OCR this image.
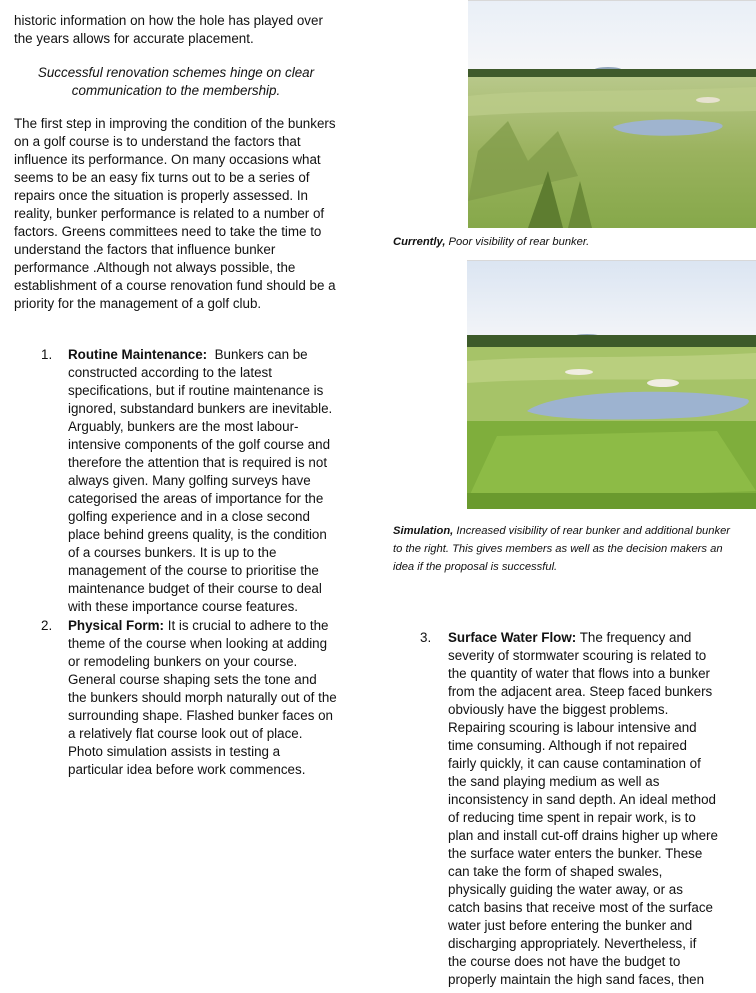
historic information on how the hole has played over the years allows for accurate placement.

Successful renovation schemes hinge on clear communication to the membership.

The first step in improving the condition of the bunkers on a golf course is to understand the factors that influence its performance. On many occasions what seems to be an easy fix turns out to be a series of repairs once the situation is properly assessed. In reality, bunker performance is related to a number of factors. Greens committees need to take the time to understand the factors that influence bunker performance .Although not always possible, the establishment of a course renovation fund should be a priority for the management of a golf club.

1. Routine Maintenance: Bunkers can be constructed according to the latest specifications, but if routine maintenance is ignored, substandard bunkers are inevitable. Arguably, bunkers are the most labour-intensive components of the golf course and therefore the attention that is required is not always given. Many golfing surveys have categorised the areas of importance for the golfing experience and in a close second place behind greens quality, is the condition of a courses bunkers. It is up to the management of the course to prioritise the maintenance budget of their course to deal with these importance course features.

2. Physical Form: It is crucial to adhere to the theme of the course when looking at adding or remodeling bunkers on your course. General course shaping sets the tone and the bunkers should morph naturally out of the surrounding shape. Flashed bunker faces on a relatively flat course look out of place. Photo simulation assists in testing a particular idea before work commences.

Currently, Poor visibility of rear bunker.

Simulation, Increased visibility of rear bunker and additional bunker to the right. This gives members as well as the decision makers an idea if the proposal is successful.

3. Surface Water Flow: The frequency and severity of stormwater scouring is related to the quantity of water that flows into a bunker from the adjacent area. Steep faced bunkers obviously have the biggest problems. Repairing scouring is labour intensive and time consuming. Although if not repaired fairly quickly, it can cause contamination of the sand playing medium as well as inconsistency in sand depth. An ideal method of reducing time spent in repair work, is to plan and install cut-off drains higher up where the surface water enters the bunker. These can take the form of shaped swales, physically guiding the water away, or as catch basins that receive most of the surface water just before entering the bunker and discharging appropriately. Nevertheless, if the course does not have the budget to properly maintain the high sand faces, then
